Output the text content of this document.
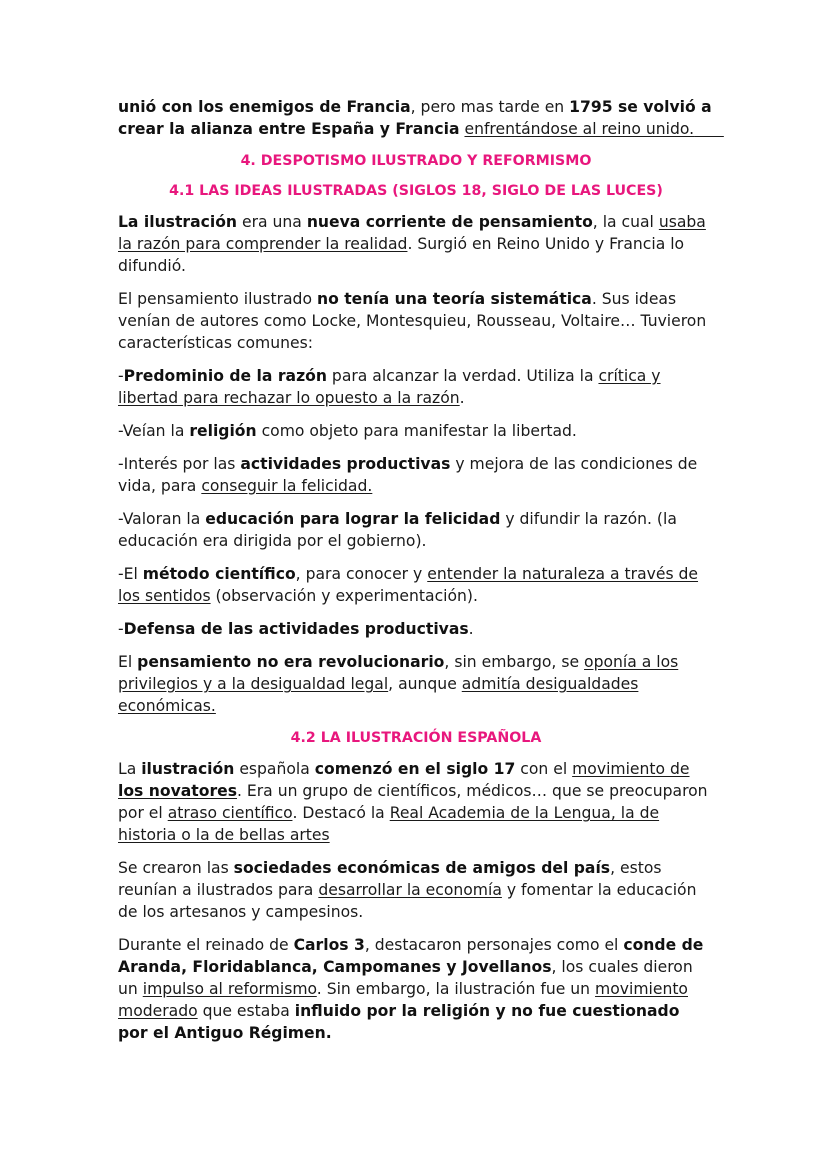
unió con los enemigos de Francia, pero mas tarde en 1795 se volvió a crear la alianza entre España y Francia enfrentándose al reino unido.

4. DESPOTISMO ILUSTRADO Y REFORMISMO
4.1 LAS IDEAS ILUSTRADAS (SIGLOS 18, SIGLO DE LAS LUCES)

La ilustración era una nueva corriente de pensamiento, la cual usaba la razón para comprender la realidad. Surgió en Reino Unido y Francia lo difundió.

El pensamiento ilustrado no tenía una teoría sistemática. Sus ideas venían de autores como Locke, Montesquieu, Rousseau, Voltaire… Tuvieron características comunes:

-Predominio de la razón para alcanzar la verdad. Utiliza la crítica y libertad para rechazar lo opuesto a la razón.

-Veían la religión como objeto para manifestar la libertad.

-Interés por las actividades productivas y mejora de las condiciones de vida, para conseguir la felicidad.

-Valoran la educación para lograr la felicidad y difundir la razón. (la educación era dirigida por el gobierno).

-El método científico, para conocer y entender la naturaleza a través de los sentidos (observación y experimentación).

-Defensa de las actividades productivas.

El pensamiento no era revolucionario, sin embargo, se oponía a los privilegios y a la desigualdad legal, aunque admitía desigualdades económicas.

4.2 LA ILUSTRACIÓN ESPAÑOLA

La ilustración española comenzó en el siglo 17 con el movimiento de los novatores. Era un grupo de científicos, médicos… que se preocuparon por el atraso científico. Destacó la Real Academia de la Lengua, la de historia o la de bellas artes

Se crearon las sociedades económicas de amigos del país, estos reunían a ilustrados para desarrollar la economía y fomentar la educación de los artesanos y campesinos.

Durante el reinado de Carlos 3, destacaron personajes como el conde de Aranda, Floridablanca, Campomanes y Jovellanos, los cuales dieron un impulso al reformismo. Sin embargo, la ilustración fue un movimiento moderado que estaba influido por la religión y no fue cuestionado por el Antiguo Régimen.
